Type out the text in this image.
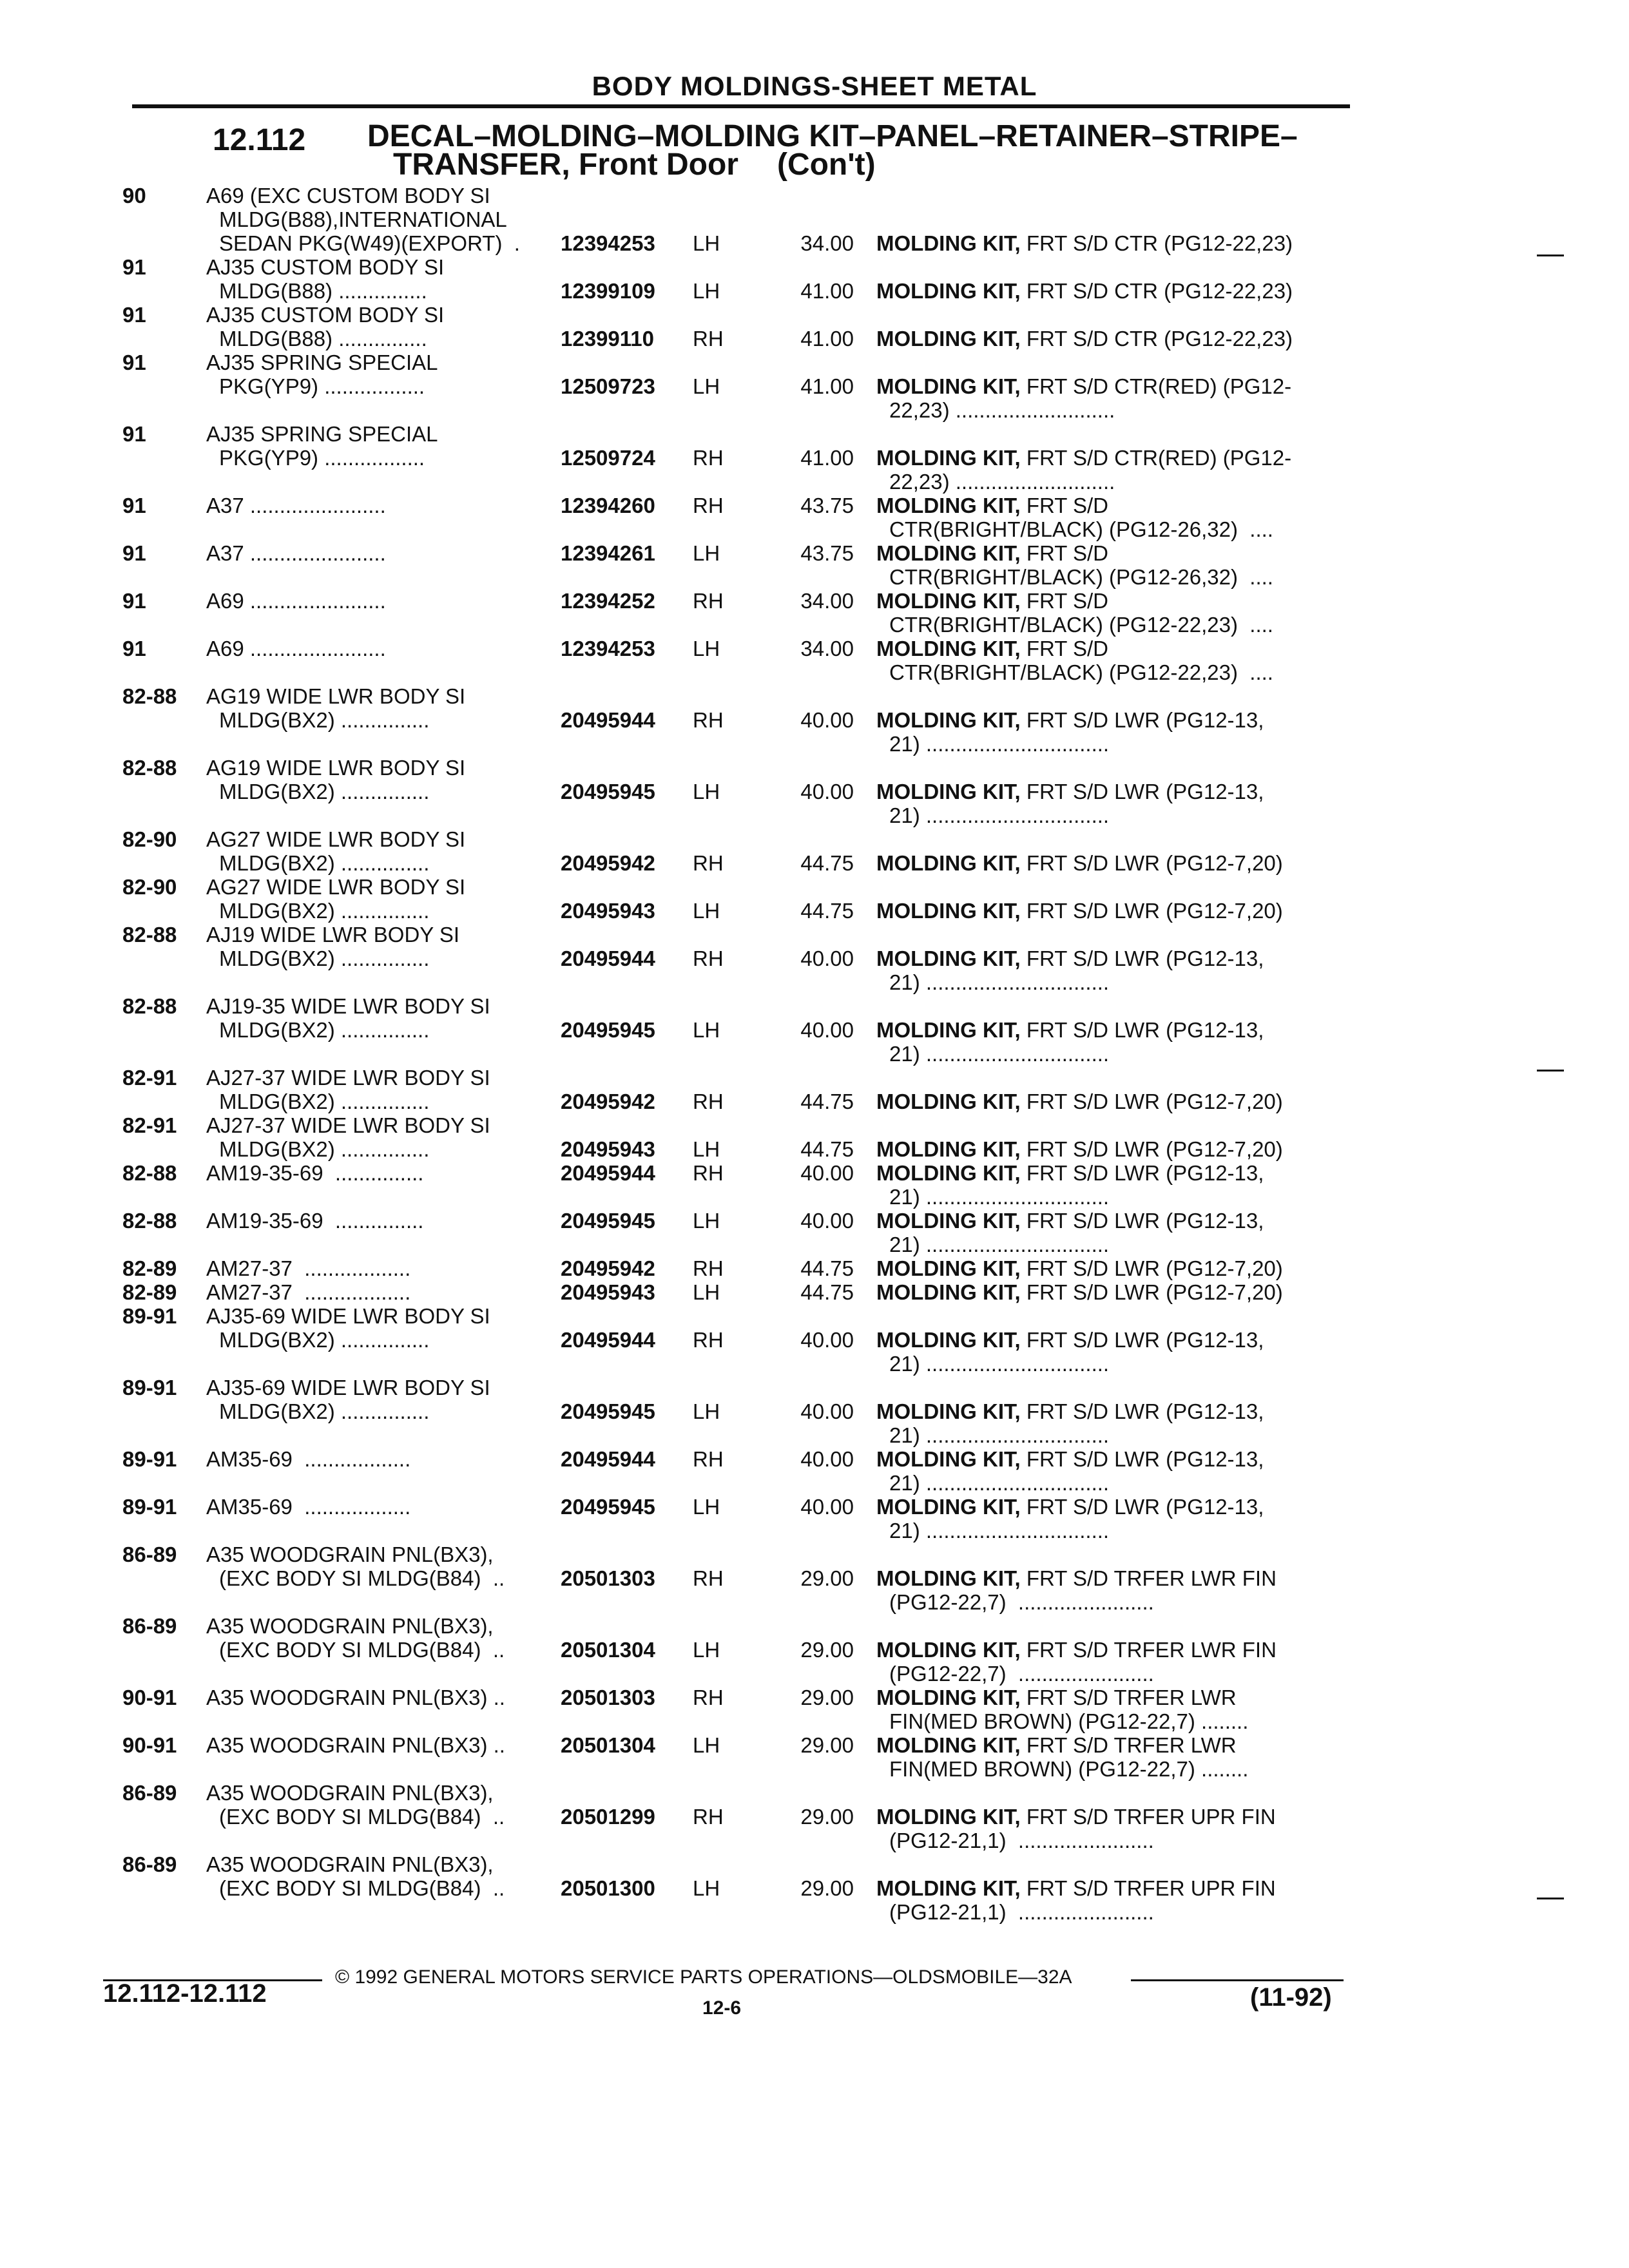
BODY MOLDINGS-SHEET METAL
12.112 DECAL–MOLDING–MOLDING KIT–PANEL–RETAINER–STRIPE–
TRANSFER, Front Door (Con't)
90	A69 (EXC CUSTOM BODY SI
MLDG(B88),INTERNATIONAL
SEDAN PKG(W49)(EXPORT)  .	12394253 LH	34.00 MOLDING KIT, FRT S/D CTR (PG12-22,23)
91	AJ35 CUSTOM BODY SI
MLDG(B88) ...............	12399109 LH	41.00 MOLDING KIT, FRT S/D CTR (PG12-22,23)
91	AJ35 CUSTOM BODY SI
MLDG(B88) ...............	12399110 RH	41.00 MOLDING KIT, FRT S/D CTR (PG12-22,23)
91	AJ35 SPRING SPECIAL
PKG(YP9) .................	12509723 LH	41.00 MOLDING KIT, FRT S/D CTR(RED) (PG12-
22,23) ...........................
91	AJ35 SPRING SPECIAL
PKG(YP9) .................	12509724 RH	41.00 MOLDING KIT, FRT S/D CTR(RED) (PG12-
22,23) ...........................
91	A37 .......................	12394260 RH	43.75 MOLDING KIT, FRT S/D
CTR(BRIGHT/BLACK) (PG12-26,32)  ....
91	A37 .......................	12394261 LH	43.75 MOLDING KIT, FRT S/D
CTR(BRIGHT/BLACK) (PG12-26,32)  ....
91	A69 .......................	12394252 RH	34.00 MOLDING KIT, FRT S/D
CTR(BRIGHT/BLACK) (PG12-22,23)  ....
91	A69 .......................	12394253 LH	34.00 MOLDING KIT, FRT S/D
CTR(BRIGHT/BLACK) (PG12-22,23)  ....
82-88 AG19 WIDE LWR BODY SI
MLDG(BX2) ...............	20495944 RH	40.00 MOLDING KIT, FRT S/D LWR (PG12-13,
21) ...............................
82-88 AG19 WIDE LWR BODY SI
MLDG(BX2) ...............	20495945 LH	40.00 MOLDING KIT, FRT S/D LWR (PG12-13,
21) ...............................
82-90 AG27 WIDE LWR BODY SI
MLDG(BX2) ...............	20495942 RH	44.75 MOLDING KIT, FRT S/D LWR (PG12-7,20)
82-90 AG27 WIDE LWR BODY SI
MLDG(BX2) ...............	20495943 LH	44.75 MOLDING KIT, FRT S/D LWR (PG12-7,20)
82-88 AJ19 WIDE LWR BODY SI
MLDG(BX2) ...............	20495944 RH	40.00 MOLDING KIT, FRT S/D LWR (PG12-13,
21) ...............................
82-88 AJ19-35 WIDE LWR BODY SI
MLDG(BX2) ...............	20495945 LH	40.00 MOLDING KIT, FRT S/D LWR (PG12-13,
21) ...............................
82-91 AJ27-37 WIDE LWR BODY SI
MLDG(BX2) ...............	20495942 RH	44.75 MOLDING KIT, FRT S/D LWR (PG12-7,20)
82-91 AJ27-37 WIDE LWR BODY SI
MLDG(BX2) ...............	20495943 LH	44.75 MOLDING KIT, FRT S/D LWR (PG12-7,20)
82-88 AM19-35-69  ...............	20495944 RH	40.00 MOLDING KIT, FRT S/D LWR (PG12-13,
21) ...............................
82-88 AM19-35-69  ...............	20495945 LH	40.00 MOLDING KIT, FRT S/D LWR (PG12-13,
21) ...............................
82-89 AM27-37  ..................	20495942 RH	44.75 MOLDING KIT, FRT S/D LWR (PG12-7,20)
82-89 AM27-37  ..................	20495943 LH	44.75 MOLDING KIT, FRT S/D LWR (PG12-7,20)
89-91 AJ35-69 WIDE LWR BODY SI
MLDG(BX2) ...............	20495944 RH	40.00 MOLDING KIT, FRT S/D LWR (PG12-13,
21) ...............................
89-91 AJ35-69 WIDE LWR BODY SI
MLDG(BX2) ...............	20495945 LH	40.00 MOLDING KIT, FRT S/D LWR (PG12-13,
21) ...............................
89-91 AM35-69  ..................	20495944 RH	40.00 MOLDING KIT, FRT S/D LWR (PG12-13,
21) ...............................
89-91 AM35-69  ..................	20495945 LH	40.00 MOLDING KIT, FRT S/D LWR (PG12-13,
21) ...............................
86-89 A35 WOODGRAIN PNL(BX3),
(EXC BODY SI MLDG(B84)  ..	20501303 RH	29.00 MOLDING KIT, FRT S/D TRFER LWR FIN
(PG12-22,7)  .......................
86-89 A35 WOODGRAIN PNL(BX3),
(EXC BODY SI MLDG(B84)  ..	20501304 LH	29.00 MOLDING KIT, FRT S/D TRFER LWR FIN
(PG12-22,7)  .......................
90-91 A35 WOODGRAIN PNL(BX3) ..	20501303 RH	29.00 MOLDING KIT, FRT S/D TRFER LWR
FIN(MED BROWN) (PG12-22,7) ........
90-91 A35 WOODGRAIN PNL(BX3) ..	20501304 LH	29.00 MOLDING KIT, FRT S/D TRFER LWR
FIN(MED BROWN) (PG12-22,7) ........
86-89 A35 WOODGRAIN PNL(BX3),
(EXC BODY SI MLDG(B84)  ..	20501299 RH	29.00 MOLDING KIT, FRT S/D TRFER UPR FIN
(PG12-21,1)  .......................
86-89 A35 WOODGRAIN PNL(BX3),
(EXC BODY SI MLDG(B84)  ..	20501300 LH	29.00 MOLDING KIT, FRT S/D TRFER UPR FIN
(PG12-21,1)  .......................
© 1992 GENERAL MOTORS SERVICE PARTS OPERATIONS—OLDSMOBILE—32A
12.112-12.112
12-6	(11-92)
